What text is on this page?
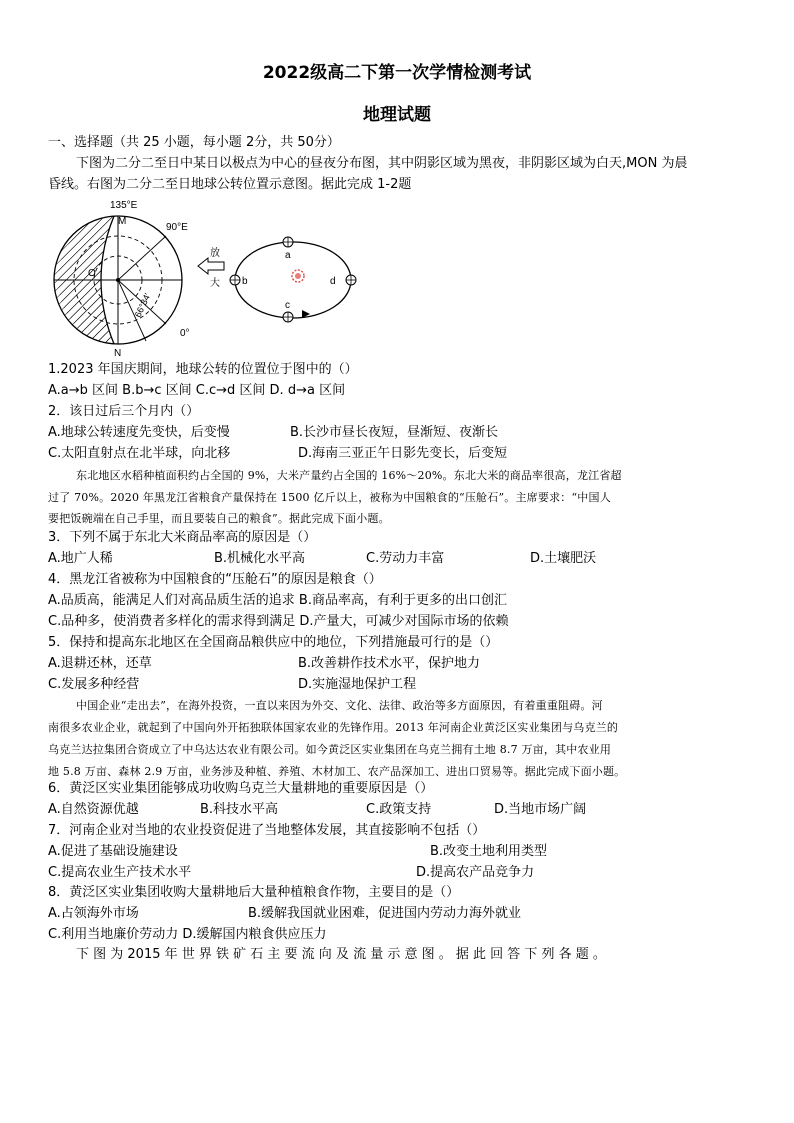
2022级高二下第一次学情检测考试
地理试题
一、选择题（共 25 小题，每小题 2分，共 50分）
下图为二分二至日中某日以极点为中心的昼夜分布图，其中阴影区域为黑夜，非阴影区域为白天,MON 为晨
昏线。右图为二分二至日地球公转位置示意图。据此完成 1-2题
135°E
M
90°E
O
0°
N
66°34′
放
大
a
b
c
d
1.2023 年国庆期间，地球公转的位置位于图中的（）
A.a→b 区间 B.b→c 区间 C.c→d 区间 D. d→a 区间
2．该日过后三个月内（）
A.地球公转速度先变快，后变慢	B.长沙市昼长夜短，昼渐短、夜渐长
C.太阳直射点在北半球，向北移	D.海南三亚正午日影先变长，后变短
东北地区水稻种植面积约占全国的 9%，大米产量约占全国的 16%～20%。东北大米的商品率很高，龙江省超
过了 70%。2020 年黑龙江省粮食产量保持在 1500 亿斤以上，被称为中国粮食的“压舱石”。主席要求：“中国人
要把饭碗端在自己手里，而且要装自己的粮食”。据此完成下面小题。
3．下列不属于东北大米商品率高的原因是（）
A.地广人稀	B.机械化水平高	C.劳动力丰富	D.土壤肥沃
4．黑龙江省被称为中国粮食的“压舱石”的原因是粮食（）
A.品质高，能满足人们对高品质生活的追求 B.商品率高，有利于更多的出口创汇
C.品种多，使消费者多样化的需求得到满足 D.产量大，可减少对国际市场的依赖
5．保持和提高东北地区在全国商品粮供应中的地位，下列措施最可行的是（）
A.退耕还林，还草	B.改善耕作技术水平，保护地力
C.发展多种经营	D.实施湿地保护工程
中国企业“走出去”，在海外投资，一直以来因为外交、文化、法律、政治等多方面原因，有着重重阻碍。河
南很多农业企业，就起到了中国向外开拓独联体国家农业的先锋作用。2013 年河南企业黄泛区实业集团与乌克兰的
乌克兰达拉集团合资成立了中乌达达农业有限公司。如今黄泛区实业集团在乌克兰拥有土地 8.7 万亩，其中农业用
地 5.8 万亩、森林 2.9 万亩，业务涉及种植、养殖、木材加工、农产品深加工、进出口贸易等。据此完成下面小题。
6．黄泛区实业集团能够成功收购乌克兰大量耕地的重要原因是（）
A.自然资源优越	B.科技水平高	C.政策支持	D.当地市场广阔
7．河南企业对当地的农业投资促进了当地整体发展，其直接影响不包括（）
A.促进了基础设施建设	B.改变土地利用类型
C.提高农业生产技术水平	D.提高农产品竞争力
8．黄泛区实业集团收购大量耕地后大量种植粮食作物，主要目的是（）
A.占领海外市场	B.缓解我国就业困难，促进国内劳动力海外就业
C.利用当地廉价劳动力 D.缓解国内粮食供应压力
下 图 为 2015 年 世 界 铁 矿 石 主 要 流 向 及 流 量 示 意 图 。 据 此 回 答 下 列 各 题 。
